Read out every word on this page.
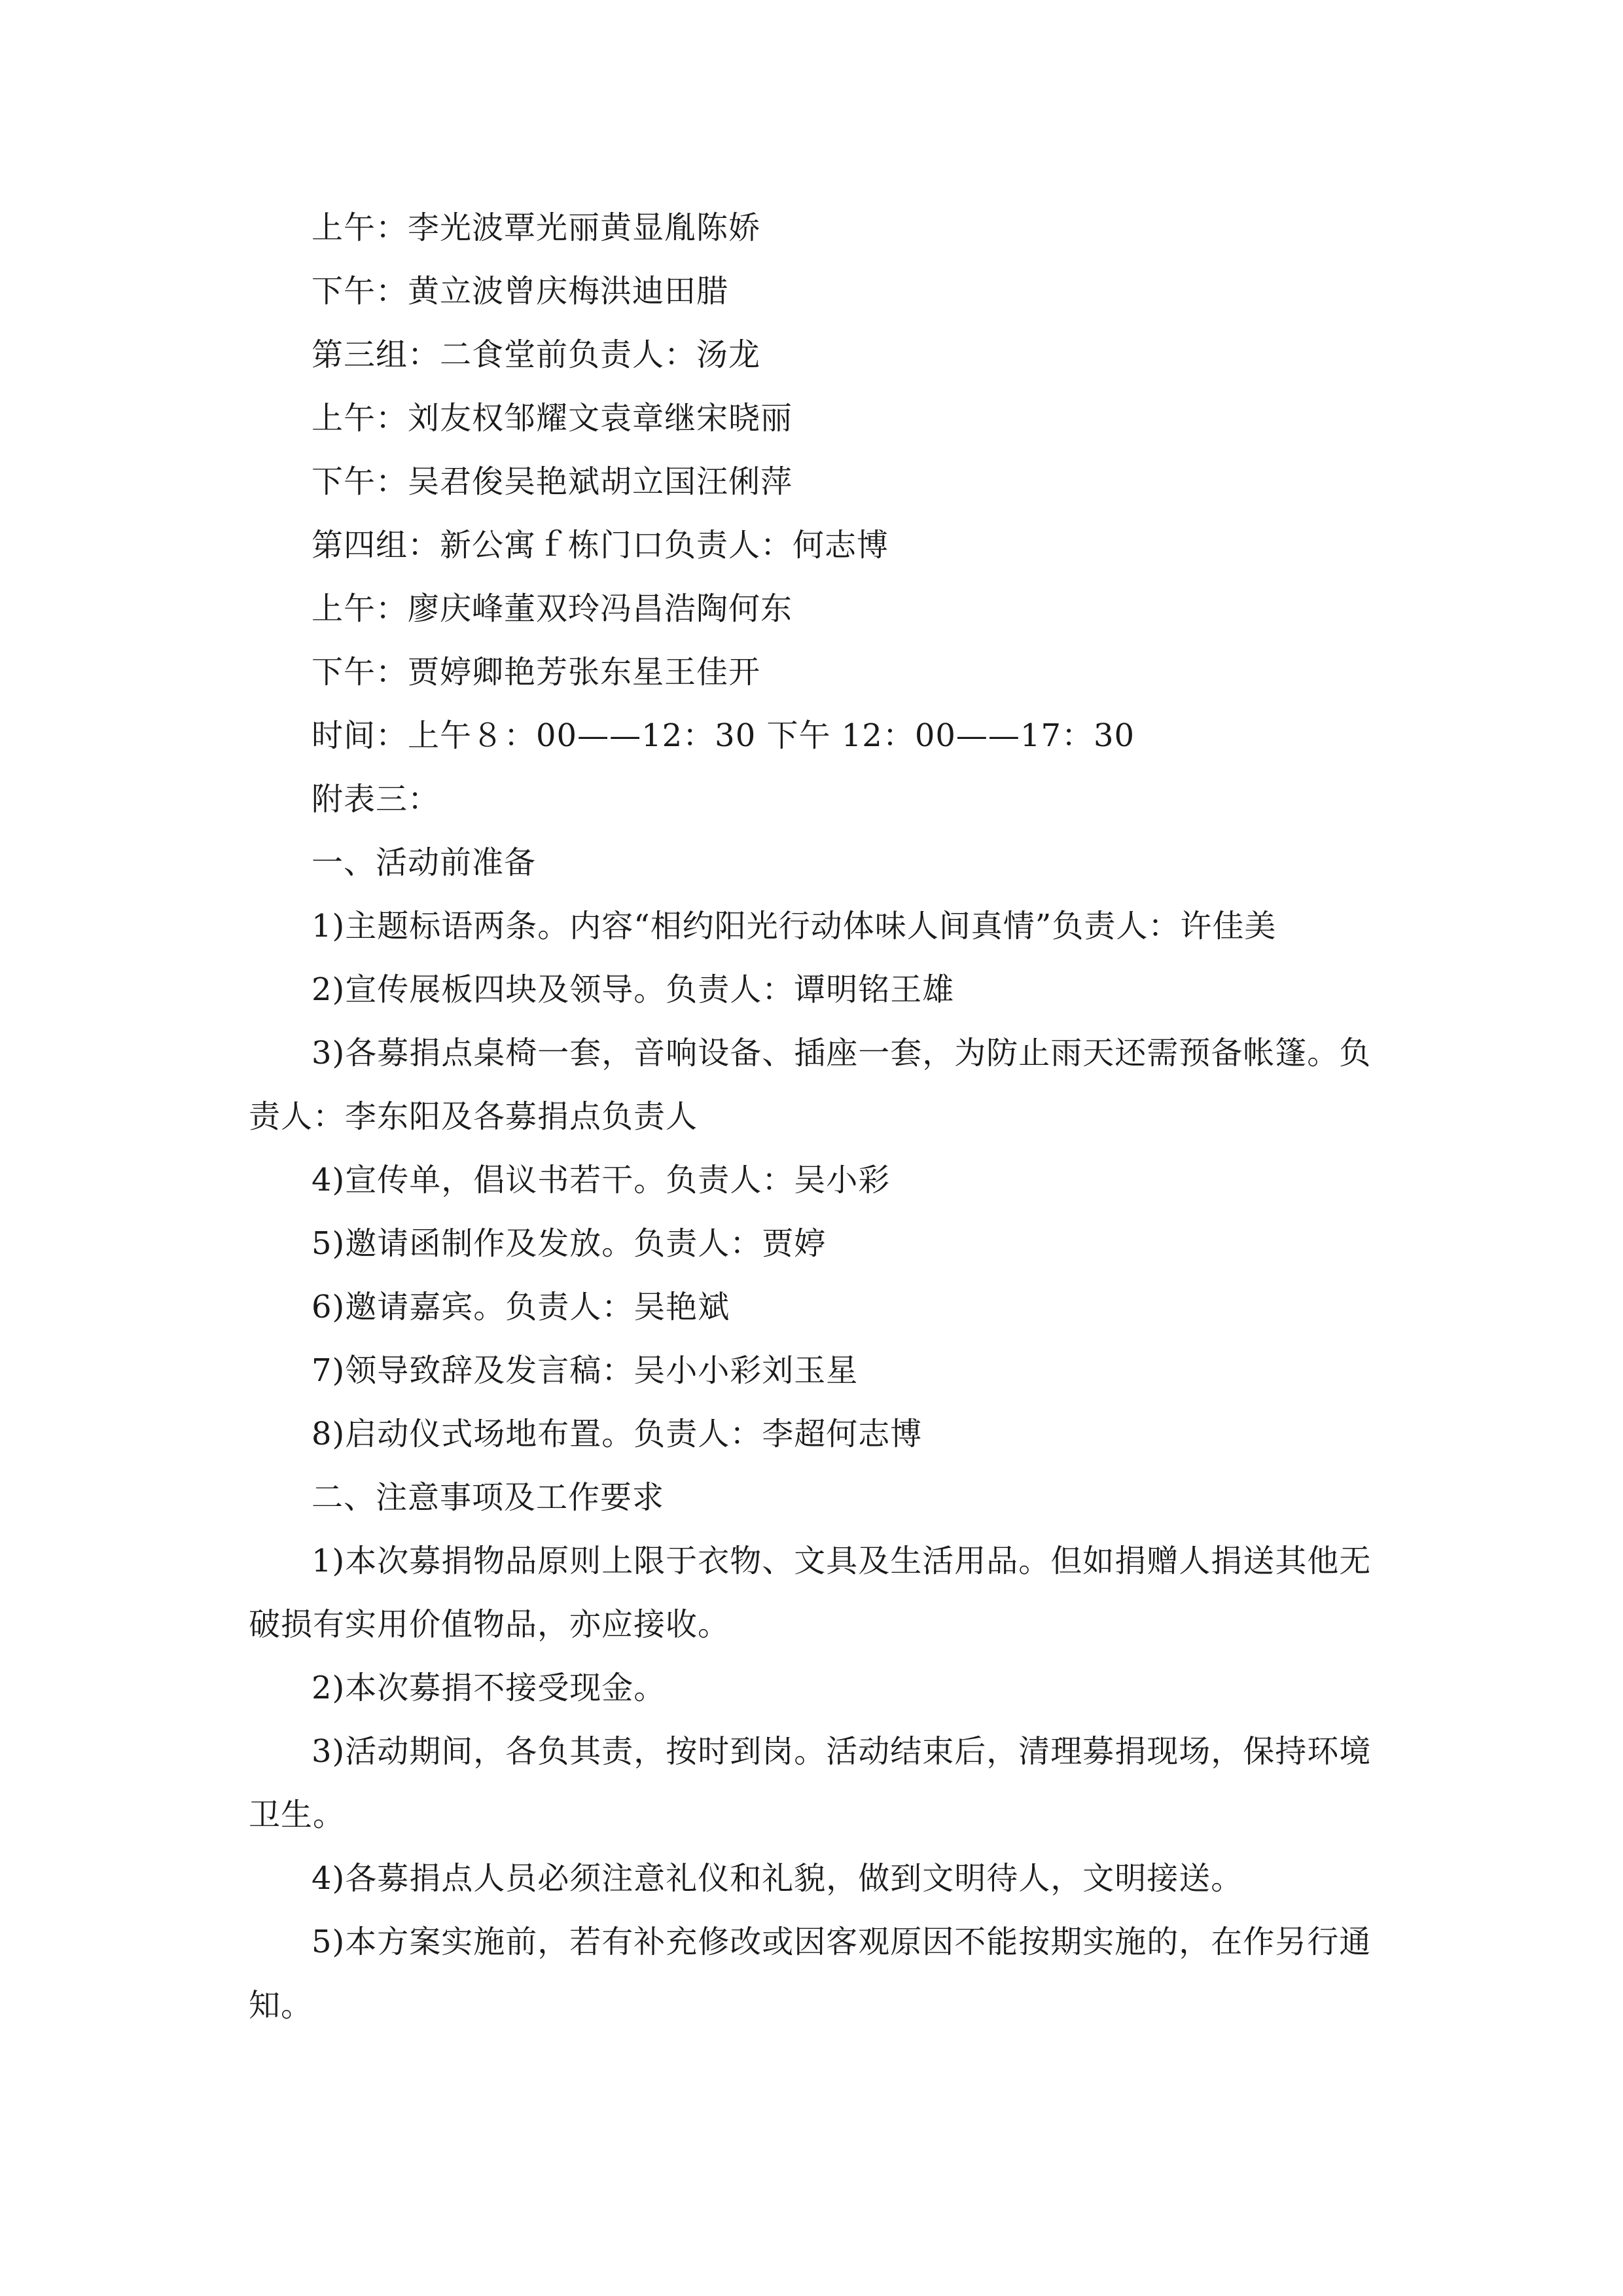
上午：李光波覃光丽黄显胤陈娇

下午：黄立波曾庆梅洪迪田腊

第三组：二食堂前负责人：汤龙

上午：刘友权邹耀文袁章继宋晓丽

下午：吴君俊吴艳斌胡立国汪俐萍

第四组：新公寓ｆ栋门口负责人：何志博

上午：廖庆峰董双玲冯昌浩陶何东

下午：贾婷卿艳芳张东星王佳开

时间：上午８：00——12：30 下午 12：00——17：30

附表三：

一、活动前准备

1)主题标语两条。内容“相约阳光行动体味人间真情”负责人：许佳美

2)宣传展板四块及领导。负责人：谭明铭王雄

3)各募捐点桌椅一套，音响设备、插座一套，为防止雨天还需预备帐篷。负责人：李东阳及各募捐点负责人

4)宣传单，倡议书若干。负责人：吴小彩

5)邀请函制作及发放。负责人：贾婷

6)邀请嘉宾。负责人：吴艳斌

7)领导致辞及发言稿：吴小小彩刘玉星

8)启动仪式场地布置。负责人：李超何志博

二、注意事项及工作要求

1)本次募捐物品原则上限于衣物、文具及生活用品。但如捐赠人捐送其他无破损有实用价值物品，亦应接收。

2)本次募捐不接受现金。

3)活动期间，各负其责，按时到岗。活动结束后，清理募捐现场，保持环境卫生。

4)各募捐点人员必须注意礼仪和礼貌，做到文明待人，文明接送。

5)本方案实施前，若有补充修改或因客观原因不能按期实施的，在作另行通知。
